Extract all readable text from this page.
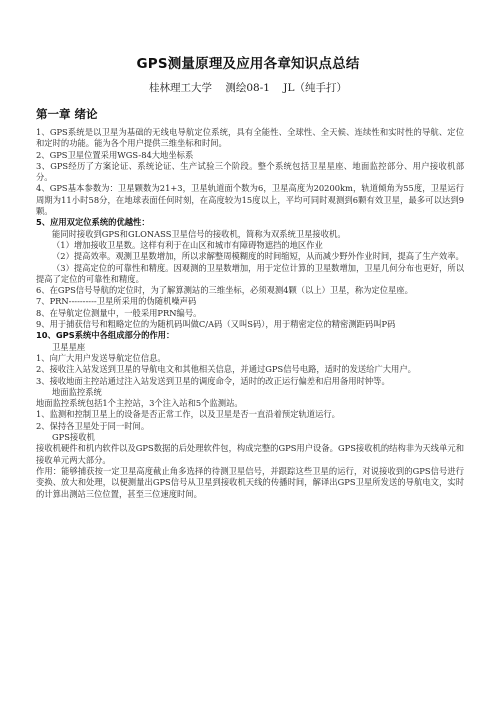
GPS测量原理及应用各章知识点总结
桂林理工大学 测绘08-1 JL（纯手打）
第一章 绪论

1、GPS系统是以卫星为基础的无线电导航定位系统，具有全能性、全球性、全天候、连续性和实时性的导航、定位和定时的功能。能为各个用户提供三维坐标和时间。

2、GPS卫星位置采用WGS-84大地坐标系

3、GPS经历了方案论证、系统论证、生产试验三个阶段。整个系统包括卫星星座、地面监控部分、用户接收机部分。

4、GPS基本参数为：卫星颗数为21+3，卫星轨道面个数为6，卫星高度为20200km，轨道倾角为55度，卫星运行周期为11小时58分，在地球表面任何时刻，在高度较为15度以上，平均可同时观测到6颗有效卫星，最多可以达到9颗。

5、应用双定位系统的优越性：

能同时接收到GPS和GLONASS卫星信号的接收机，简称为双系统卫星接收机。

（1）增加接收卫星数。这样有利于在山区和城市有障碍物遮挡的地区作业

（2）提高效率。观测卫星数增加，所以求解整周模糊度的时间缩短，从而减少野外作业时间，提高了生产效率。

（3）提高定位的可靠性和精度。因观测的卫星数增加，用于定位计算的卫星数增加，卫星几何分布也更好，所以提高了定位的可靠性和精度。

6、在GPS信号导航的定位时，为了解算测站的三维坐标，必须观测4颗（以上）卫星，称为定位星座。

7、PRN----------卫星所采用的伪随机噪声码

8、在导航定位测量中，一般采用PRN编号。

9、用于捕获信号和粗略定位的为随机码叫做C/A码（又叫S码），用于精密定位的精密测距码叫P码

10、GPS系统中各组成部分的作用：

卫星星座

1、向广大用户发送导航定位信息。

2、接收注入站发送到卫星的导航电文和其他相关信息，并通过GPS信号电路，适时的发送给广大用户。

3、接收地面主控站通过注入站发送到卫星的调度命令，适时的改正运行偏差和启用备用时钟等。

地面监控系统

地面监控系统包括1个主控站，3个注入站和5个监测站。

1、监测和控制卫星上的设备是否正常工作，以及卫星是否一直沿着预定轨道运行。

2、保持各卫星处于同一时间。

GPS接收机

接收机硬件和机内软件以及GPS数据的后处理软件包，构成完整的GPS用户设备。GPS接收机的结构非为天线单元和接收单元两大部分。

作用：能够捕获按一定卫星高度截止角多选择的待测卫星信号，并跟踪这些卫星的运行，对说接收到的GPS信号进行变换、放大和处理，以便测量出GPS信号从卫星到接收机天线的传播时间，解译出GPS卫星所发送的导航电文，实时的计算出测站三位位置，甚至三位速度时间。
